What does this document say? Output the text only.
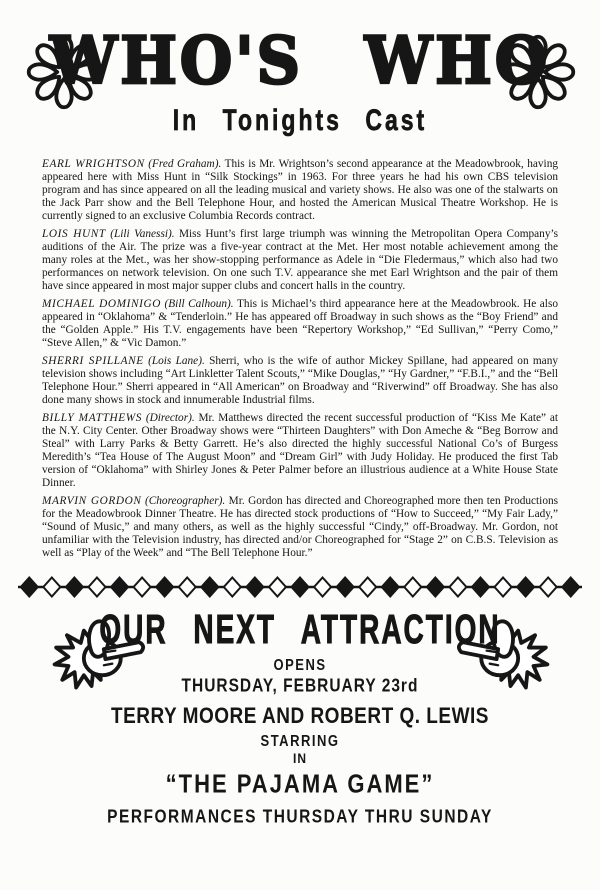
WHO'S WHO
In Tonights Cast

EARL WRIGHTSON (Fred Graham). This is Mr. Wrightson’s second appearance at the Meadowbrook, having appeared here with Miss Hunt in “Silk Stockings” in 1963. For three years he had his own CBS television program and has since appeared on all the leading musical and variety shows. He also was one of the stalwarts on the Jack Parr show and the Bell Telephone Hour, and hosted the American Musical Theatre Workshop. He is currently signed to an exclusive Columbia Records contract.

LOIS HUNT (Lili Vanessi). Miss Hunt’s first large triumph was winning the Metropolitan Opera Company’s auditions of the Air. The prize was a five-year contract at the Met. Her most notable achievement among the many roles at the Met., was her show-stopping performance as Adele in “Die Fledermaus,” which also had two performances on network television. On one such T.V. appearance she met Earl Wrightson and the pair of them have since appeared in most major supper clubs and concert halls in the country.

MICHAEL DOMINIGO (Bill Calhoun). This is Michael’s third appearance here at the Meadowbrook. He also appeared in “Oklahoma” & “Tenderloin.” He has appeared off Broadway in such shows as the “Boy Friend” and the “Golden Apple.” His T.V. engagements have been “Repertory Workshop,” “Ed Sullivan,” “Perry Como,” “Steve Allen,” & “Vic Damon.”

SHERRI SPILLANE (Lois Lane). Sherri, who is the wife of author Mickey Spillane, had appeared on many television shows including “Art Linkletter Talent Scouts,” “Mike Douglas,” “Hy Gardner,” “F.B.I.,” and the “Bell Telephone Hour.” Sherri appeared in “All American” on Broadway and “Riverwind” off Broadway. She has also done many shows in stock and innumerable Industrial films.

BILLY MATTHEWS (Director). Mr. Matthews directed the recent successful production of “Kiss Me Kate” at the N.Y. City Center. Other Broadway shows were “Thirteen Daughters” with Don Ameche & “Beg Borrow and Steal” with Larry Parks & Betty Garrett. He’s also directed the highly successful National Co’s of Burgess Meredith’s “Tea House of The August Moon” and “Dream Girl” with Judy Holiday. He produced the first Tab version of “Oklahoma” with Shirley Jones & Peter Palmer before an illustrious audience at a White House State Dinner.

MARVIN GORDON (Choreographer). Mr. Gordon has directed and Choreographed more then ten Productions for the Meadowbrook Dinner Theatre. He has directed stock productions of “How to Succeed,” “My Fair Lady,” “Sound of Music,” and many others, as well as the highly successful “Cindy,” off-Broadway. Mr. Gordon, not unfamiliar with the Television industry, has directed and/or Choreographed for “Stage 2” on C.B.S. Television as well as “Play of the Week” and “The Bell Telephone Hour.”

OUR NEXT ATTRACTION
OPENS
THURSDAY, FEBRUARY 23rd
TERRY MOORE AND ROBERT Q. LEWIS
STARRING
IN
“THE PAJAMA GAME”
PERFORMANCES THURSDAY THRU SUNDAY
